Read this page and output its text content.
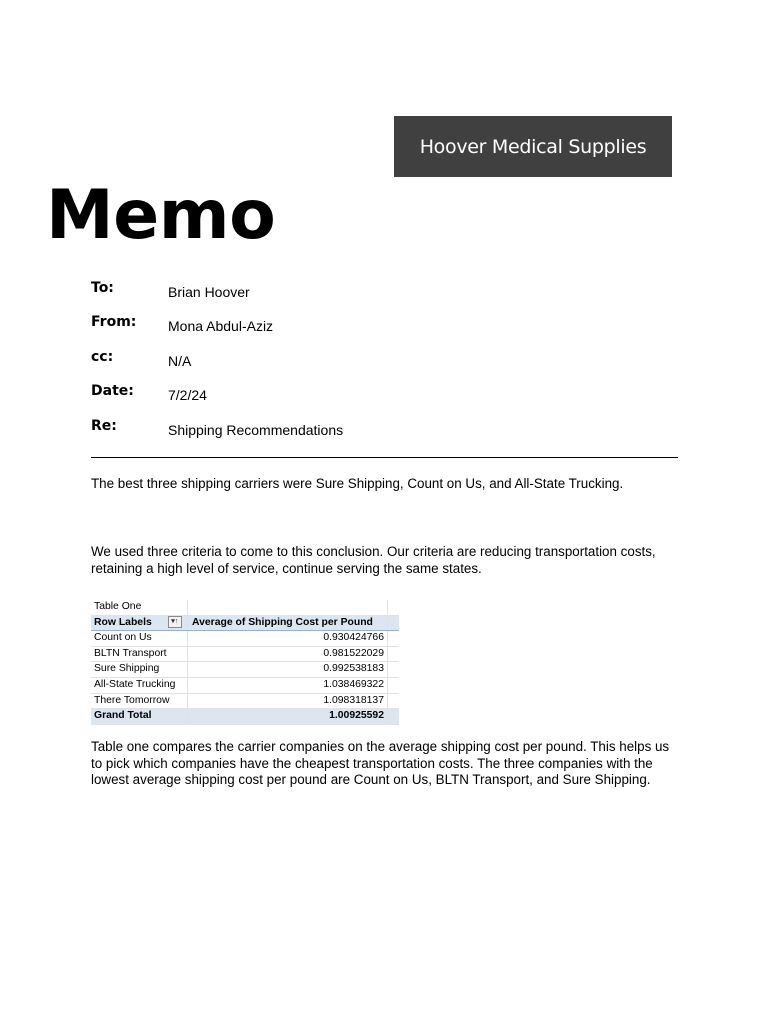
Hoover Medical Supplies
Memo
To:	Brian Hoover
From: Mona Abdul-Aziz
cc:	N/A
Date: 7/2/24
Re:	Shipping Recommendations
The best three shipping carriers were Sure Shipping, Count on Us, and All-State Trucking.
We used three criteria to come to this conclusion. Our criteria are reducing transportation costs, retaining a high level of service, continue serving the same states.
Table One		
Row Labels ▾↑	Average of Shipping Cost per Pound	
Count on Us	0.930424766	
BLTN Transport	0.981522029	
Sure Shipping	0.992538183	
All-State Trucking	1.038469322	
There Tomorrow	1.098318137	
Grand Total	1.00925592	
Table one compares the carrier companies on the average shipping cost per pound. This helps us to pick which companies have the cheapest transportation costs. The three companies with the lowest average shipping cost per pound are Count on Us, BLTN Transport, and Sure Shipping.
